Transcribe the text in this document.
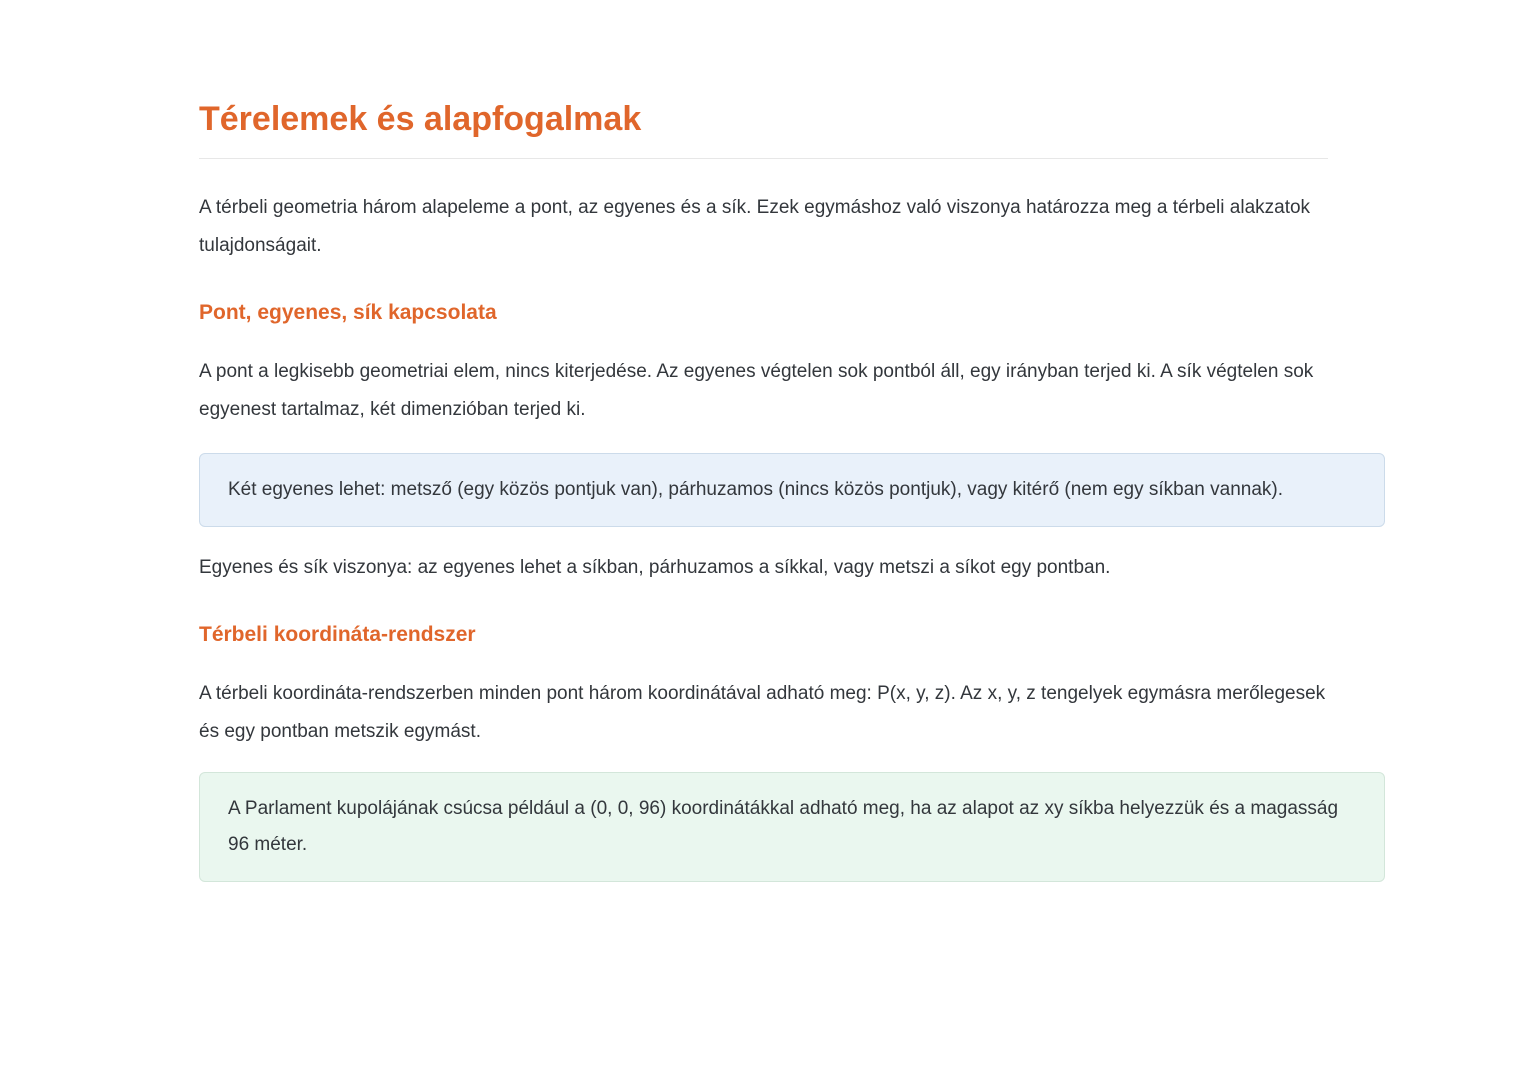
Térelemek és alapfogalmak

A térbeli geometria három alapeleme a pont, az egyenes és a sík. Ezek egymáshoz való viszonya határozza meg a térbeli alakzatok tulajdonságait.

Pont, egyenes, sík kapcsolata

A pont a legkisebb geometriai elem, nincs kiterjedése. Az egyenes végtelen sok pontból áll, egy irányban terjed ki. A sík végtelen sok egyenest tartalmaz, két dimenzióban terjed ki.

Két egyenes lehet: metsző (egy közös pontjuk van), párhuzamos (nincs közös pontjuk), vagy kitérő (nem egy síkban vannak).

Egyenes és sík viszonya: az egyenes lehet a síkban, párhuzamos a síkkal, vagy metszi a síkot egy pontban.

Térbeli koordináta-rendszer

A térbeli koordináta-rendszerben minden pont három koordinátával adható meg: P(x, y, z). Az x, y, z tengelyek egymásra merőlegesek és egy pontban metszik egymást.

A Parlament kupolájának csúcsa például a (0, 0, 96) koordinátákkal adható meg, ha az alapot az xy síkba helyezzük és a magasság 96 méter.
